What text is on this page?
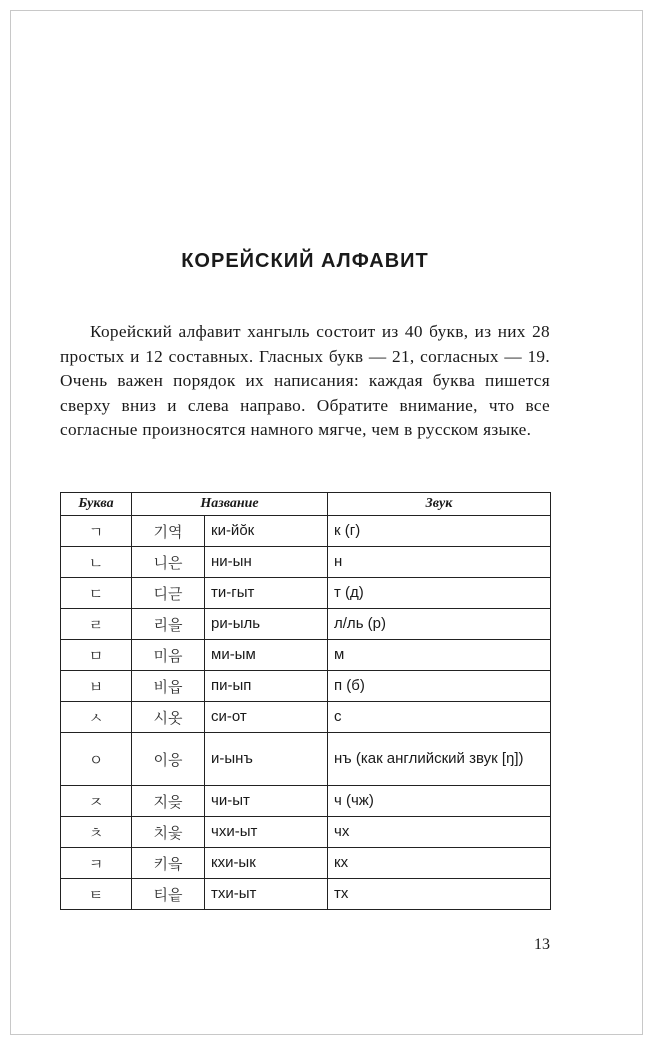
КОРЕЙСКИЙ АЛФАВИТ

Корейский алфавит хангыль состоит из 40 букв, из них 28 простых и 12 составных. Гласных букв — 21, согласных — 19. Очень важен порядок их написания: каждая буква пишется сверху вниз и слева направо. Обратите внимание, что все согласные произносятся намного мягче, чем в русском языке.

Буква	Название		Звук
ㄱ	기역	ки-йŏк	к (г)
ㄴ	니은	ни-ын	н
ㄷ	디귿	ти-гыт	т (д)
ㄹ	리을	ри-ыль	л/ль (р)
ㅁ	미음	ми-ым	м
ㅂ	비읍	пи-ып	п (б)
ㅅ	시옷	си-от	с
ㅇ	이응	и-ынъ	нъ (как английский звук [ŋ])
ㅈ	지읒	чи-ыт	ч (чж)
ㅊ	치읓	чхи-ыт	чх
ㅋ	키읔	кхи-ык	кх
ㅌ	티읕	тхи-ыт	тх

13
